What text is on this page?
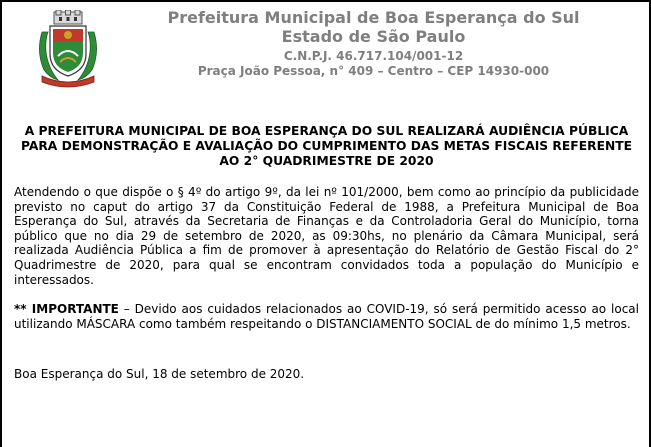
Prefeitura Municipal de Boa Esperança do Sul
Estado de São Paulo
C.N.P.J. 46.717.104/001-12
Praça João Pessoa, n° 409 – Centro – CEP 14930-000
A PREFEITURA MUNICIPAL DE BOA ESPERANÇA DO SUL REALIZARÁ AUDIÊNCIA PÚBLICA PARA DEMONSTRAÇÃO E AVALIAÇÃO DO CUMPRIMENTO DAS METAS FISCAIS REFERENTE AO 2° QUADRIMESTRE DE 2020
Atendendo o que dispõe o § 4º do artigo 9º, da lei nº 101/2000, bem como ao princípio da publicidade previsto no caput do artigo 37 da Constituição Federal de 1988, a Prefeitura Municipal de Boa Esperança do Sul, através da Secretaria de Finanças e da Controladoria Geral do Município, torna público que no dia 29 de setembro de 2020, as 09:30hs, no plenário da Câmara Municipal, será realizada Audiência Pública a fim de promover à apresentação do Relatório de Gestão Fiscal do 2° Quadrimestre de 2020, para qual se encontram convidados toda a população do Município e interessados.
** IMPORTANTE – Devido aos cuidados relacionados ao COVID-19, só será permitido acesso ao local utilizando MÁSCARA como também respeitando o DISTANCIAMENTO SOCIAL de do mínimo 1,5 metros.
Boa Esperança do Sul, 18 de setembro de 2020.
